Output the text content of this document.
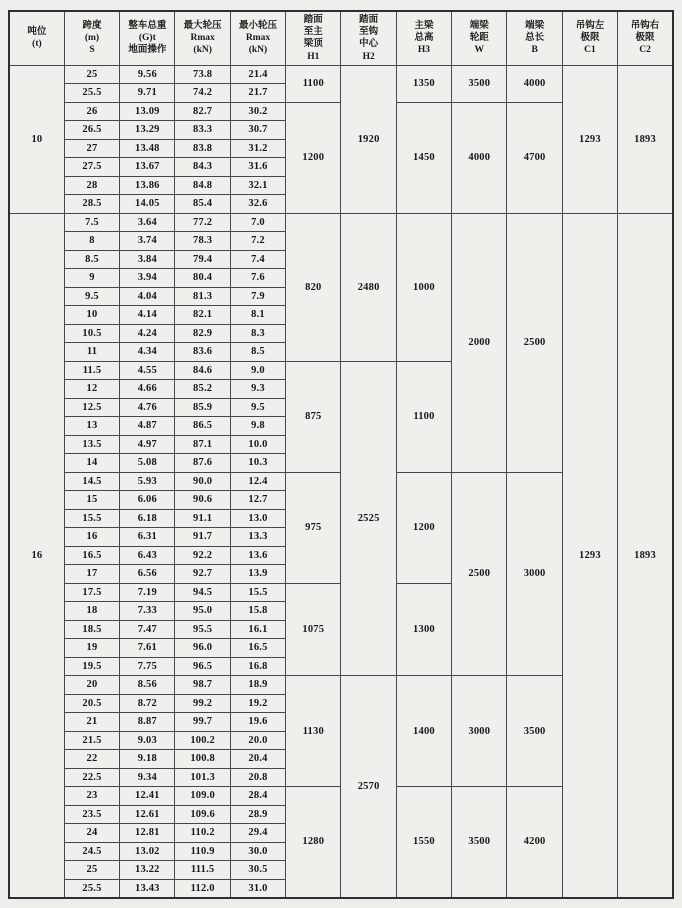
吨位
(t)

跨度
(m)
S

整车总重
(G)t
地面操作

最大轮压
Rmax
(kN)

最小轮压
Rmax
(kN)

踏面
至主
梁顶
H1

踏面
至钩
中心
H2

主梁
总高
H3

端梁
轮距
W

端梁
总长
B

吊钩左
极限
C1

吊钩右
极限
C2

10	25	9.56	73.8	21.4	1100	1920	1350	3500	4000	1293	1893
	25.5	9.71	74.2	21.7							
	26	13.09	82.7	30.2	1200		1450	4000	4700		
	26.5	13.29	83.3	30.7							
	27	13.48	83.8	31.2							
	27.5	13.67	84.3	31.6							
	28	13.86	84.8	32.1							
	28.5	14.05	85.4	32.6							
16	7.5	3.64	77.2	7.0	820	2480	1000	2000	2500	1293	1893
	8	3.74	78.3	7.2							
	8.5	3.84	79.4	7.4							
	9	3.94	80.4	7.6							
	9.5	4.04	81.3	7.9							
	10	4.14	82.1	8.1							
	10.5	4.24	82.9	8.3							
	11	4.34	83.6	8.5							
	11.5	4.55	84.6	9.0	875	2525	1100				
	12	4.66	85.2	9.3							
	12.5	4.76	85.9	9.5							
	13	4.87	86.5	9.8							
	13.5	4.97	87.1	10.0							
	14	5.08	87.6	10.3							
	14.5	5.93	90.0	12.4	975		1200	2500	3000		
	15	6.06	90.6	12.7							
	15.5	6.18	91.1	13.0							
	16	6.31	91.7	13.3							
	16.5	6.43	92.2	13.6							
	17	6.56	92.7	13.9							
	17.5	7.19	94.5	15.5	1075		1300				
	18	7.33	95.0	15.8							
	18.5	7.47	95.5	16.1							
	19	7.61	96.0	16.5							
	19.5	7.75	96.5	16.8							
	20	8.56	98.7	18.9	1130	2570	1400	3000	3500		
	20.5	8.72	99.2	19.2							
	21	8.87	99.7	19.6							
	21.5	9.03	100.2	20.0							
	22	9.18	100.8	20.4							
	22.5	9.34	101.3	20.8							
	23	12.41	109.0	28.4	1280		1550	3500	4200		
	23.5	12.61	109.6	28.9							
	24	12.81	110.2	29.4							
	24.5	13.02	110.9	30.0							
	25	13.22	111.5	30.5							
	25.5	13.43	112.0	31.0							
